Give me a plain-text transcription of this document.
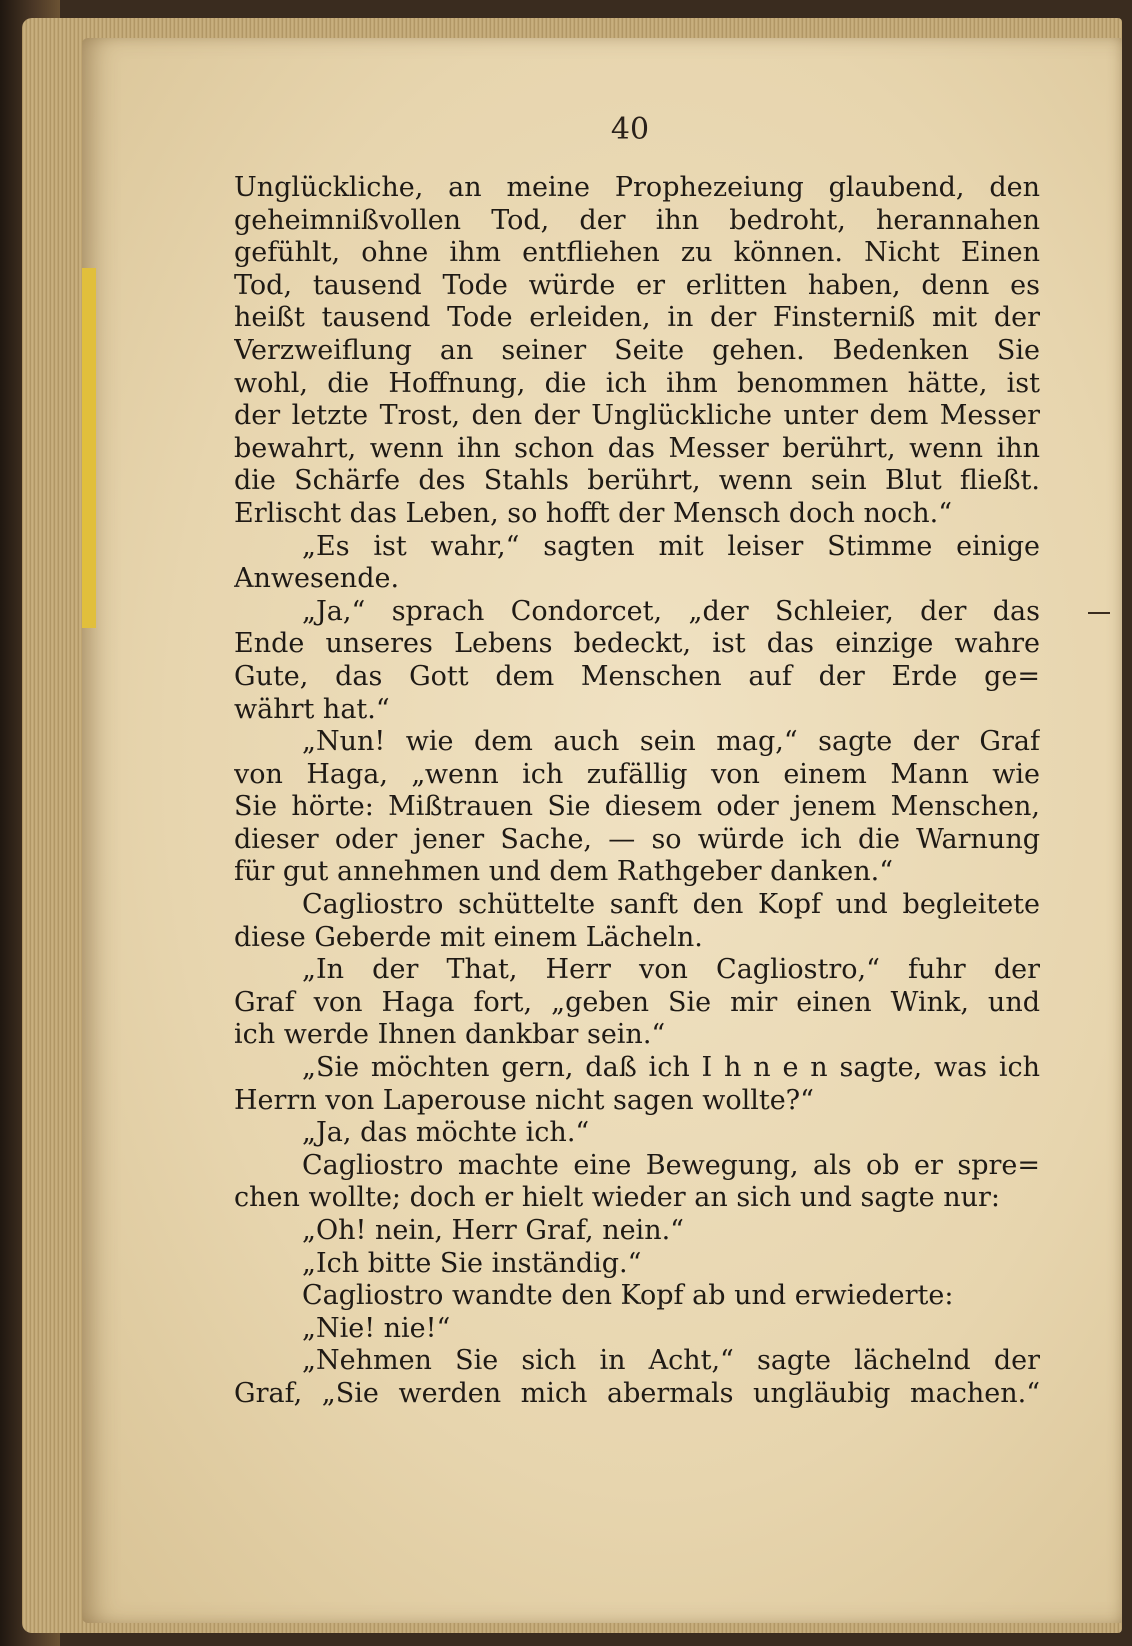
40
Unglückliche, an meine Prophezeiung glaubend, den
geheimnißvollen Tod, der ihn bedroht, herannahen
gefühlt, ohne ihm entfliehen zu können. Nicht Einen
Tod, tausend Tode würde er erlitten haben, denn es
heißt tausend Tode erleiden, in der Finsterniß mit der
Verzweiflung an seiner Seite gehen. Bedenken Sie
wohl, die Hoffnung, die ich ihm benommen hätte, ist
der letzte Trost, den der Unglückliche unter dem Messer
bewahrt, wenn ihn schon das Messer berührt, wenn ihn
die Schärfe des Stahls berührt, wenn sein Blut fließt.
Erlischt das Leben, so hofft der Mensch doch noch.“
„Es ist wahr,“ sagten mit leiser Stimme einige
Anwesende.
„Ja,“ sprach Condorcet, „der Schleier, der das
Ende unseres Lebens bedeckt, ist das einzige wahre
Gute, das Gott dem Menschen auf der Erde ge=
währt hat.“
„Nun! wie dem auch sein mag,“ sagte der Graf
von Haga, „wenn ich zufällig von einem Mann wie
Sie hörte: Mißtrauen Sie diesem oder jenem Menschen,
dieser oder jener Sache, — so würde ich die Warnung
für gut annehmen und dem Rathgeber danken.“
Cagliostro schüttelte sanft den Kopf und begleitete
diese Geberde mit einem Lächeln.
„In der That, Herr von Cagliostro,“ fuhr der
Graf von Haga fort, „geben Sie mir einen Wink, und
ich werde Ihnen dankbar sein.“
„Sie möchten gern, daß ich I h n e n sagte, was ich
Herrn von Laperouse nicht sagen wollte?“
„Ja, das möchte ich.“
Cagliostro machte eine Bewegung, als ob er spre=
chen wollte; doch er hielt wieder an sich und sagte nur:
„Oh! nein, Herr Graf, nein.“
„Ich bitte Sie inständig.“
Cagliostro wandte den Kopf ab und erwiederte:
„Nie! nie!“
„Nehmen Sie sich in Acht,“ sagte lächelnd der
Graf, „Sie werden mich abermals ungläubig machen.“
